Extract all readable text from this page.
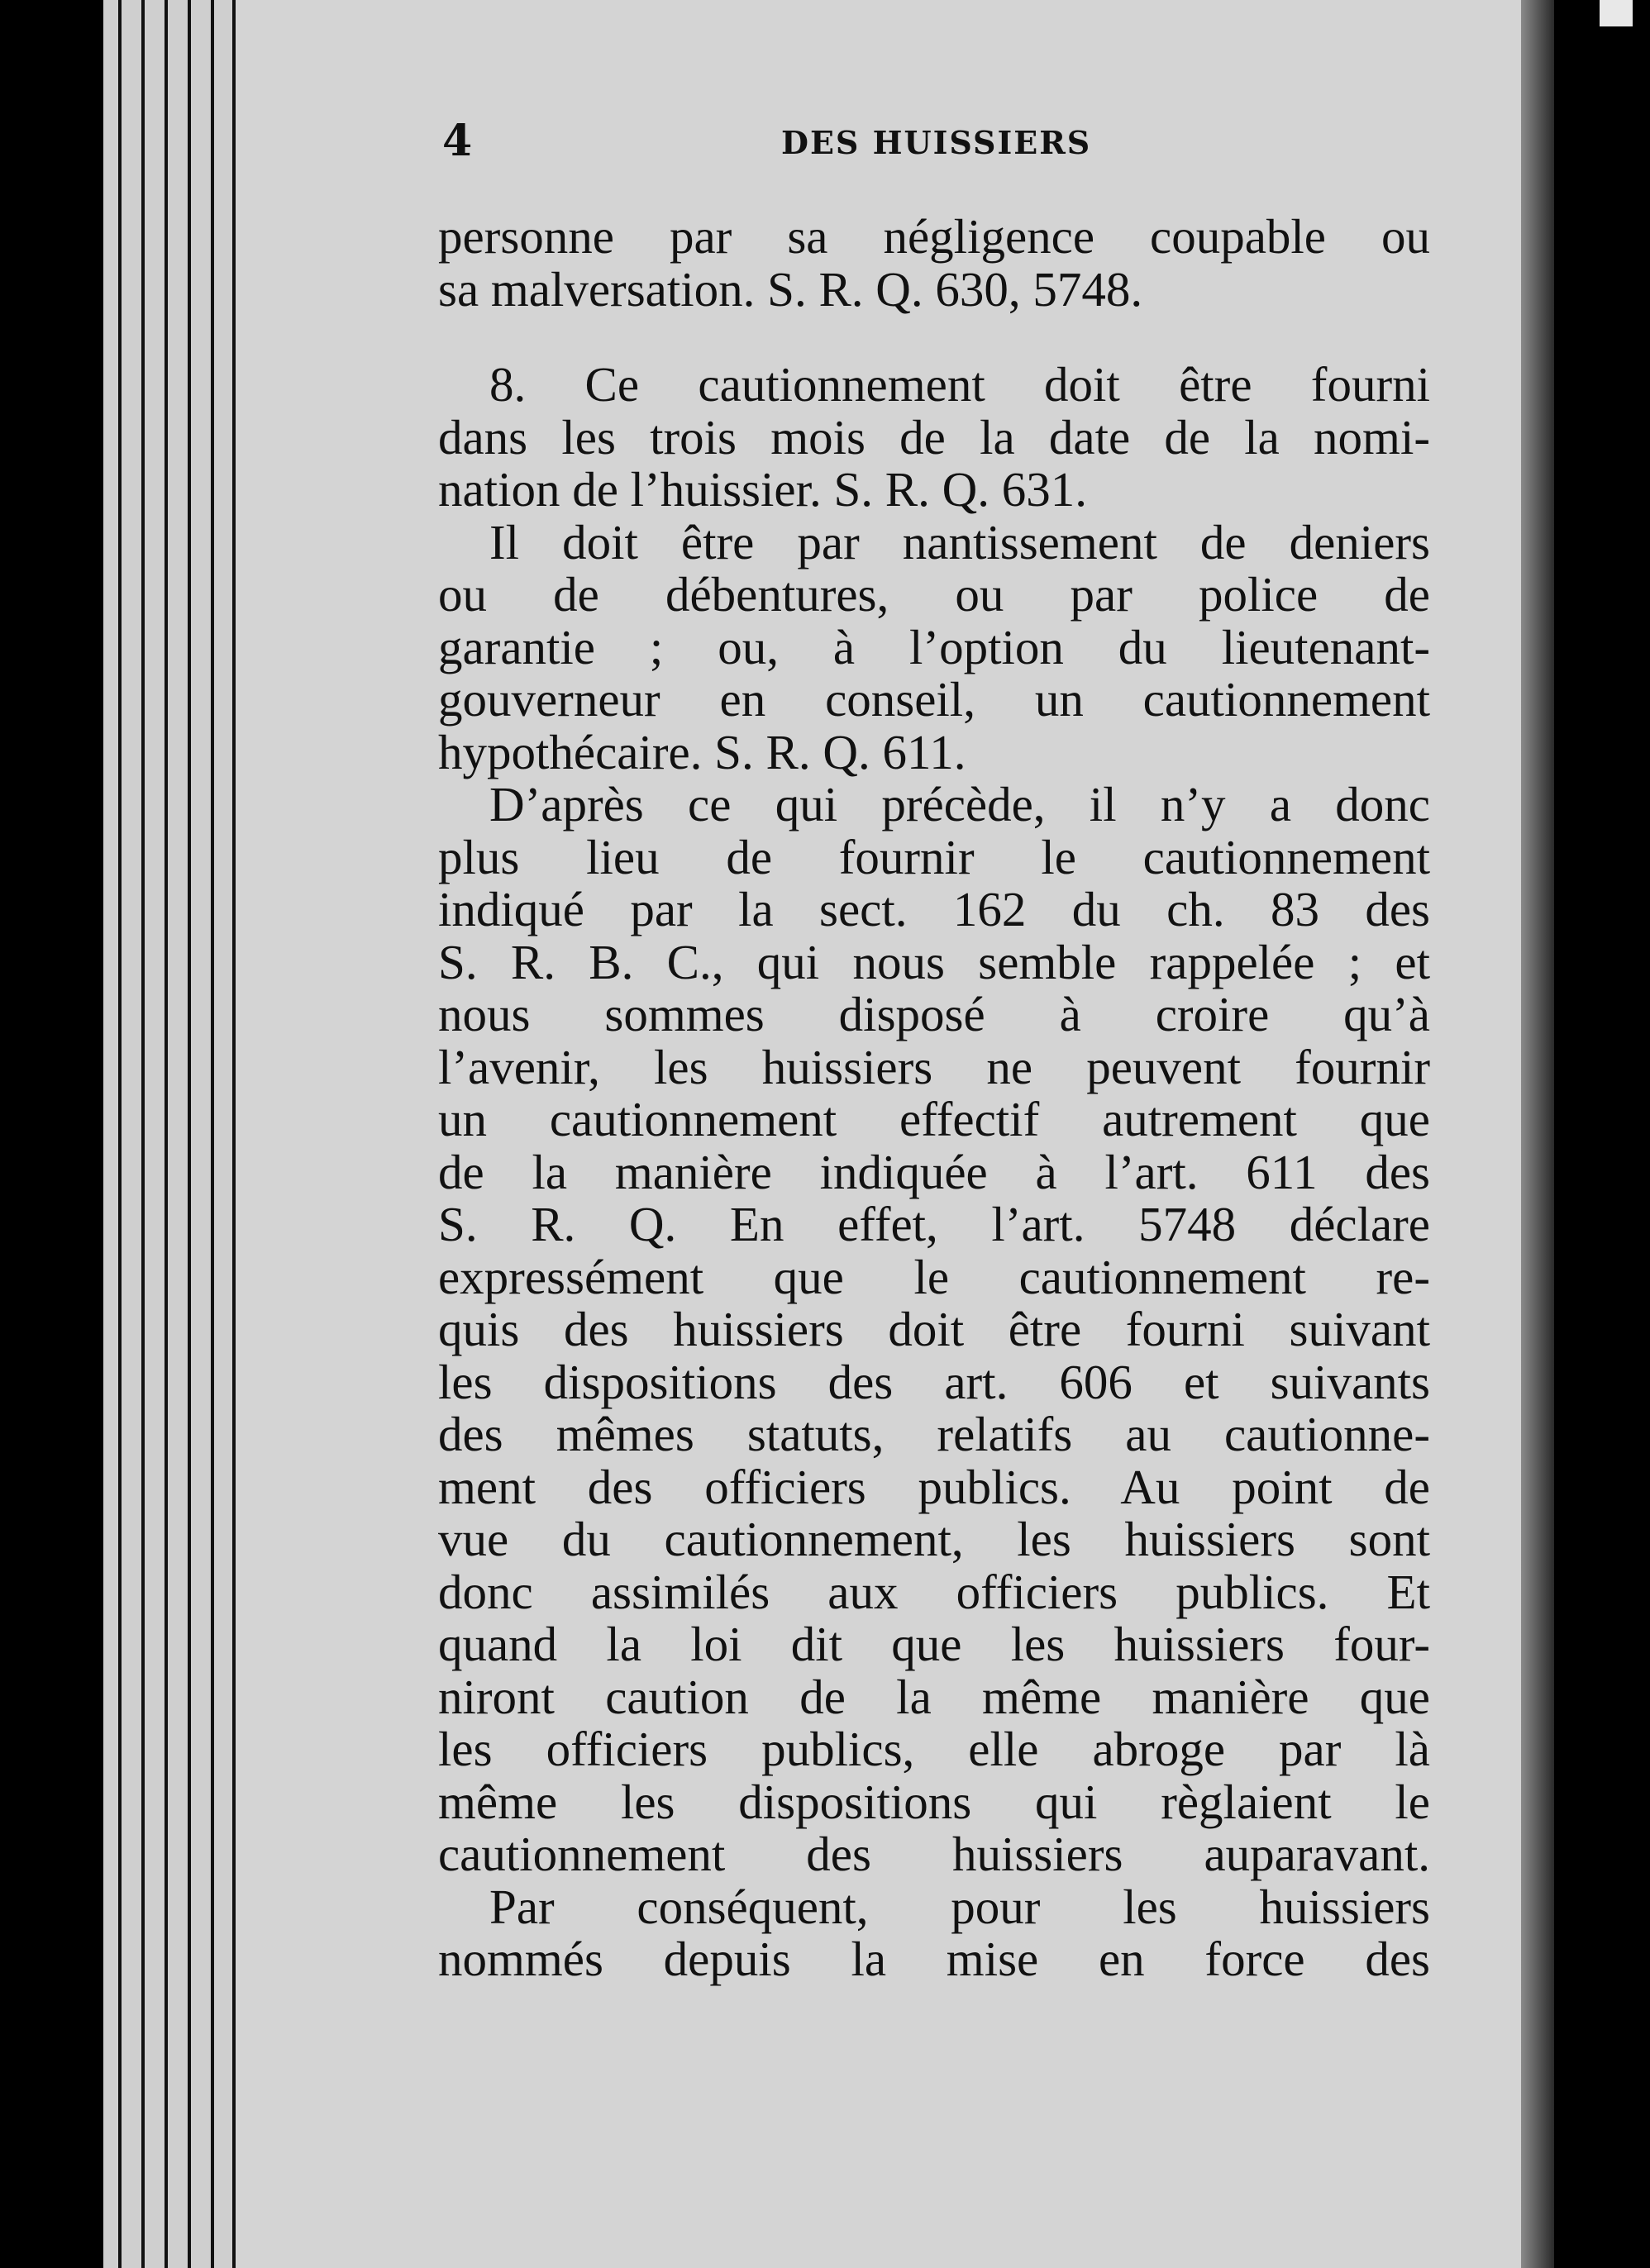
4	DES HUISSIERS
personne par sa négligence coupable ou
sa malversation. S. R. Q. 630, 5748.
8. Ce cautionnement doit être fourni
dans les trois mois de la date de la nomi-
nation de l’huissier. S. R. Q. 631.
Il doit être par nantissement de deniers
ou de débentures, ou par police de
garantie ; ou, à l’option du lieutenant-
gouverneur en conseil, un cautionnement
hypothécaire. S. R. Q. 611.
D’après ce qui précède, il n’y a donc
plus lieu de fournir le cautionnement
indiqué par la sect. 162 du ch. 83 des
S. R. B. C., qui nous semble rappelée ; et
nous sommes disposé à croire qu’à
l’avenir, les huissiers ne peuvent fournir
un cautionnement effectif autrement que
de la manière indiquée à l’art. 611 des
S. R. Q. En effet, l’art. 5748 déclare
expressément que le cautionnement re-
quis des huissiers doit être fourni suivant
les dispositions des art. 606 et suivants
des mêmes statuts, relatifs au cautionne-
ment des officiers publics. Au point de
vue du cautionnement, les huissiers sont
donc assimilés aux officiers publics. Et
quand la loi dit que les huissiers four-
niront caution de la même manière que
les officiers publics, elle abroge par là
même les dispositions qui règlaient le
cautionnement des huissiers auparavant.
Par conséquent, pour les huissiers
nommés depuis la mise en force des
